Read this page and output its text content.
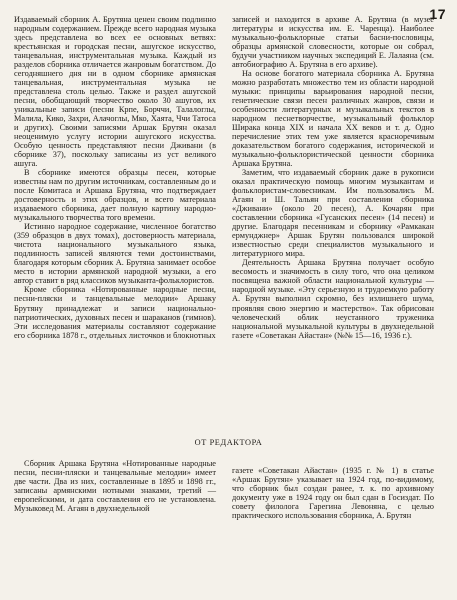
17

Издаваемый сборник А. Брутяна ценен своим подлинно народным содержанием. Прежде всего народная музыка здесь представлена во всех ее основных ветвях: крестьянская и городская песни, ашугское искусство, танцевальная, инструментальная музыка. Каждый из разделов сборника отличается жанровым богатством. До сегодняшнего дня ни в одном сборнике армянская танцевальная, инструментальная музыка не представлена столь целью. Также и раздел ашугской песни, обобщающий творчество около 30 ашугов, их уникальные записи (песни Крпе, Борччи, Талалоглы, Малила, Кико, Захри, Алачоглы, Мко, Хаята, Ччи Татоса и других). Своими записями Аршак Брутян оказал неоценимую услугу истории ашугского искусства. Особую ценность представляют песни Дживани (в сборнике 37), поскольку записаны из уст великого ашуга.

В сборнике имеются образцы песен, которые известны нам по другим источникам, составленным до и после Комитаса и Аршака Брутяна, что подтверждает достоверность и этих образцов, и всего материала издаваемого сборника, дает полную картину народно-музыкального творчества того времени.

Истинно народное содержание, численное богатство (359 образцов в двух томах), достоверность материала, чистота национального музыкального языка, подлинность записей являются теми достоинствами, благодаря которым сборник А. Брутяна занимает особое место в истории армянской народной музыки, а его автор ставит в ряд классиков музыканта-фольклористов.

Кроме сборника «Нотированные народные песни, песни-пляски и танцевальные мелодии» Аршаку Брутяну принадлежат и записи национально-патриотических, духовных песен и шараканов (гимнов). Эти исследования материалы составляют содержание его сборника 1878 г., отдельных листочков и блокнотных

записей и находится в архиве А. Брутяна (в музее литературы и искусства им. Е. Чаренца). Наиболее музыкально-фольклорные статьи басни-пословицы, образцы армянской словесности, которые он собрал, будучи участником научных экспедиций Е. Лалаяна (см. автобиографию А. Брутяна в его архиве).

На основе богатого материала сборника А. Брутяна можно разработать множество тем из области народной музыки: принципы варьирования народной песни, генетические связи песен различных жанров, связи и особенности литературных и музыкальных текстов в народном песнетворчестве, музыкальный фольклор Ширака конца XIX и начала XX веков и т. д. Одно перечисление этих тем уже является красноречивым доказательством богатого содержания, исторической и музыкально-фольклористической ценности сборника Аршака Брутяна.

Заметим, что издаваемый сборник даже в рукописи оказал практическую помощь многим музыкантам и фольклористам-словесникам. Им пользовались М. Агаян и Ш. Тальян при составлении сборника «Дживани» (около 20 песен), А. Кочарян при составлении сборника «Гусанских песен» (14 песен) и другие. Благодаря песенникам и сборнику «Рамкакан ермунджнер» Аршак Брутян пользовался широкой известностью среди специалистов музыкального и литературного мира.

Деятельность Аршака Брутяна получает особую весомость и значимость в силу того, что она целиком посвящена важной области национальной культуры — народной музыке. «Эту серьезную и трудоемкую работу А. Брутян выполнил скромно, без излишнего шума, проявляя свою энергию и мастерство». Так обрисован человеческий облик неустанного труженика национальной музыкальной культуры в двухнедельной газете «Советакан Айастан» (№№ 15—16, 1936 г.).

ОТ РЕДАКТОРА

Сборник Аршака Брутяна «Нотированные народные песни, песни-пляски и танцевальные мелодии» имеет две части. Два из них, составленные в 1895 и 1898 гг., записаны армянскими нотными знаками, третий — европейскими, и дата составления его не установлена. Музыковед М. Агаян в двухнедельной

газете «Советакан Айастан» (1935 г. № 1) в статье «Аршак Брутян» указывает на 1924 год, по-видимому, что сборник был создан ранее, т. к. по архивному документу уже в 1924 году он был сдан в Госиздат. По совету филолога Гарегина Левоняна, с целью практического использования сборника, А. Брутян
